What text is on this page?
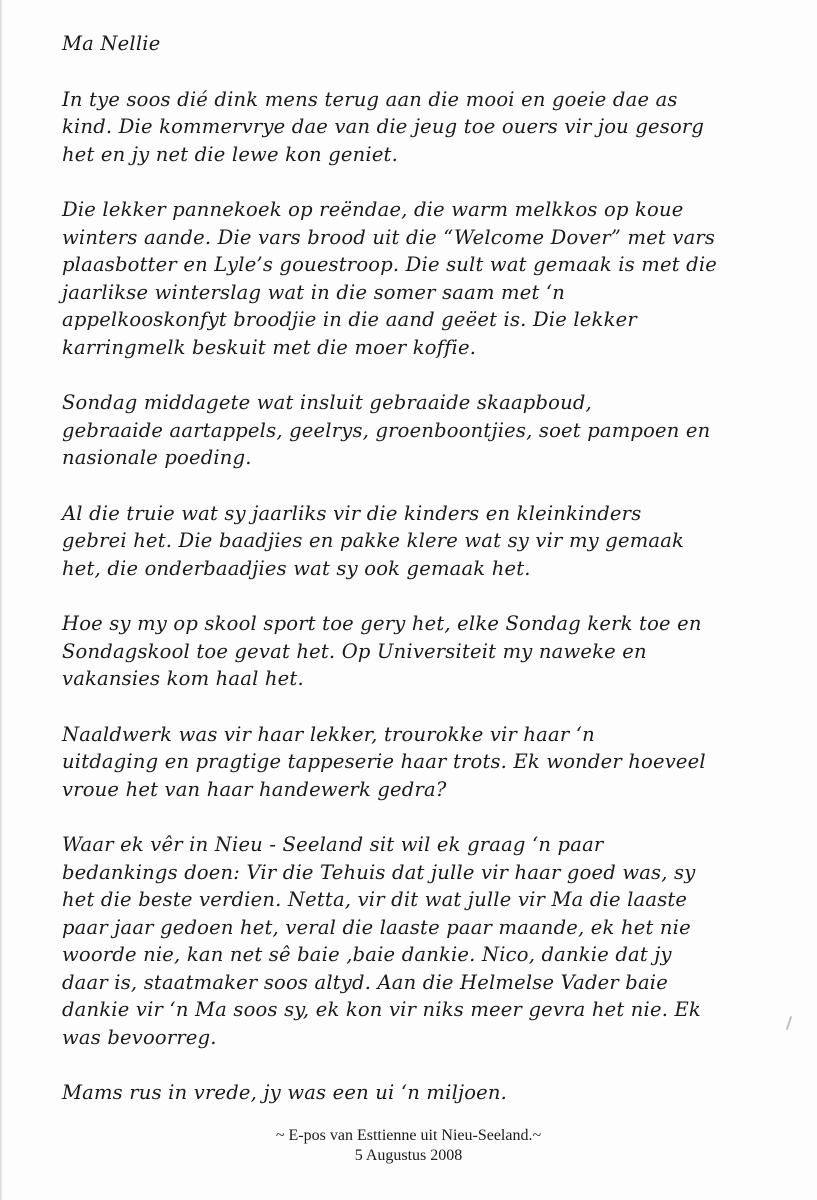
Ma Nellie
In tye soos dié dink mens terug aan die mooi en goeie dae as
kind. Die kommervrye dae van die jeug toe ouers vir jou gesorg
het en jy net die lewe kon geniet.
Die lekker pannekoek op reëndae, die warm melkkos op koue
winters aande. Die vars brood uit die “Welcome Dover” met vars
plaasbotter en Lyle’s gouestroop. Die sult wat gemaak is met die
jaarlikse winterslag wat in die somer saam met ‘n
appelkooskonfyt broodjie in die aand geëet is. Die lekker
karringmelk beskuit met die moer koffie.
Sondag middagete wat insluit gebraaide skaapboud,
gebraaide aartappels, geelrys, groenboontjies, soet pampoen en
nasionale poeding.
Al die truie wat sy jaarliks vir die kinders en kleinkinders
gebrei het. Die baadjies en pakke klere wat sy vir my gemaak
het, die onderbaadjies wat sy ook gemaak het.
Hoe sy my op skool sport toe gery het, elke Sondag kerk toe en
Sondagskool toe gevat het. Op Universiteit my naweke en
vakansies kom haal het.
Naaldwerk was vir haar lekker, trourokke vir haar ‘n
uitdaging en pragtige tappeserie haar trots. Ek wonder hoeveel
vroue het van haar handewerk gedra?
Waar ek vêr in Nieu - Seeland sit wil ek graag ‘n paar
bedankings doen: Vir die Tehuis dat julle vir haar goed was, sy
het die beste verdien. Netta, vir dit wat julle vir Ma die laaste
paar jaar gedoen het, veral die laaste paar maande, ek het nie
woorde nie, kan net sê baie ,baie dankie. Nico, dankie dat jy
daar is, staatmaker soos altyd. Aan die Helmelse Vader baie
dankie vir ‘n Ma soos sy, ek kon vir niks meer gevra het nie. Ek
was bevoorreg.
Mams rus in vrede, jy was een ui ‘n miljoen.
~ E-pos van Esttienne uit Nieu-Seeland.~
5 Augustus 2008
